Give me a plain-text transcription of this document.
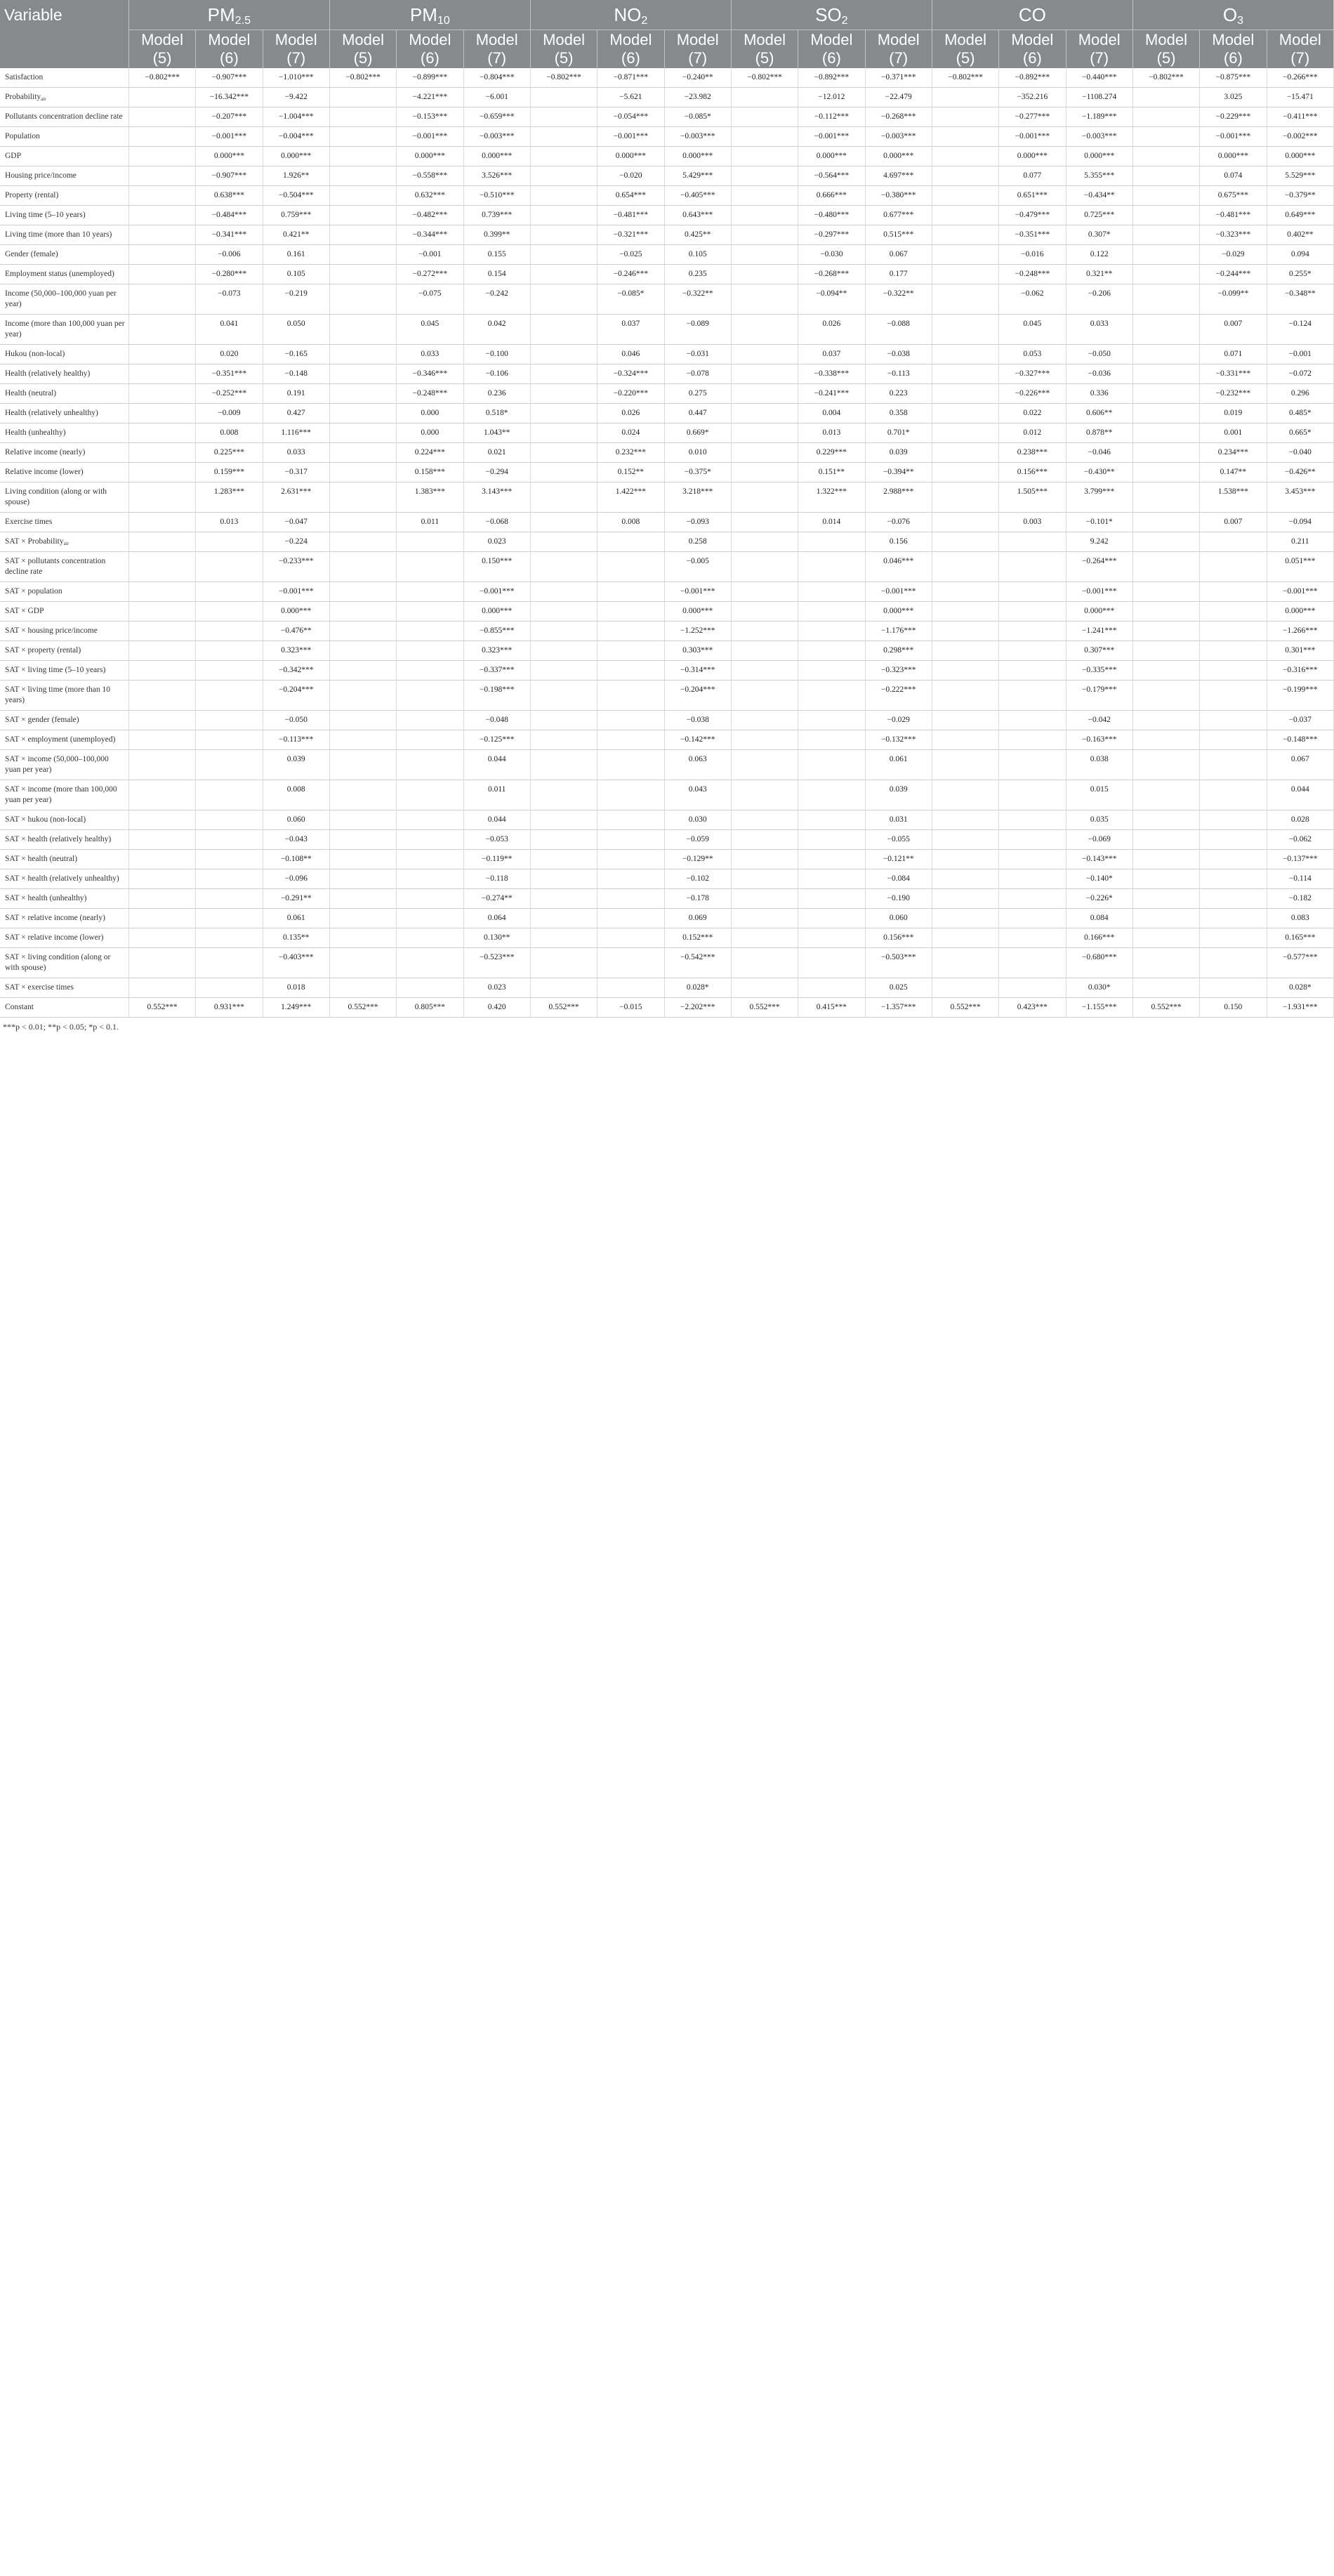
Variable	$PM_{2.5}$			$PM_{10}$			$NO_2$			$SO_2$			CO			$O_3$
	Model (5)	Model (6)	Model (7)	Model (5)	Model (6)	Model (7)	Model (5)	Model (6)	Model (7)	Model (5)	Model (6)	Model (7)	Model (5)	Model (6)	Model (7)	Model (5)	Model (6)	Model (7)
Satisfaction	−0.802***	−0.907***	−1.010***	−0.802***	−0.899***	−0.804***	−0.802***	−0.871***	−0.240**	−0.802***	−0.892***	−0.371***	−0.802***	−0.892***	−0.440***	−0.802***	−0.875***	−0.266***
Probability$_{air}$		−16.342***	−9.422		−4.221***	−6.001		−5.621	−23.982		−12.012	−22.479		−352.216	−1108.274		3.025	−15.471
Pollutants concentration decline rate		−0.207***	−1.004***		−0.153***	−0.659***		−0.054***	−0.085*		−0.112***	−0.268***		−0.277***	−1.189***		−0.229***	−0.411***
Population		−0.001***	−0.004***		−0.001***	−0.003***		−0.001***	−0.003***		−0.001***	−0.003***		−0.001***	−0.003***		−0.001***	−0.002***
GDP		0.000***	0.000***		0.000***	0.000***		0.000***	0.000***		0.000***	0.000***		0.000***	0.000***		0.000***	0.000***
Housing price/income		−0.907***	1.926**		−0.558***	3.526***		−0.020	5.429***		−0.564***	4.697***		0.077	5.355***		0.074	5.529***
Property (rental)		0.638***	−0.504***		0.632***	−0.510***		0.654***	−0.405***		0.666***	−0.380***		0.651***	−0.434**		0.675***	−0.379**
Living time (5–10 years)		−0.484***	0.759***		−0.482***	0.739***		−0.481***	0.643***		−0.480***	0.677***		−0.479***	0.725***		−0.481***	0.649***
Living time (more than 10 years)		−0.341***	0.421**		−0.344***	0.399**		−0.321***	0.425**		−0.297***	0.515***		−0.351***	0.307*		−0.323***	0.402**
Gender (female)		−0.006	0.161		−0.001	0.155		−0.025	0.105		−0.030	0.067		−0.016	0.122		−0.029	0.094
Employment status (unemployed)		−0.280***	0.105		−0.272***	0.154		−0.246***	0.235		−0.268***	0.177		−0.248***	0.321**		−0.244***	0.255*
Income (50,000–100,000 yuan per year)		−0.073	−0.219		−0.075	−0.242		−0.085*	−0.322**		−0.094**	−0.322**		−0.062	−0.206		−0.099**	−0.348**
Income (more than 100,000 yuan per year)		0.041	0.050		0.045	0.042		0.037	−0.089		0.026	−0.088		0.045	0.033		0.007	−0.124
Hukou (non-local)		0.020	−0.165		0.033	−0.100		0.046	−0.031		0.037	−0.038		0.053	−0.050		0.071	−0.001
Health (relatively healthy)		−0.351***	−0.148		−0.346***	−0.106		−0.324***	−0.078		−0.338***	−0.113		−0.327***	−0.036		−0.331***	−0.072
Health (neutral)		−0.252***	0.191		−0.248***	0.236		−0.220***	0.275		−0.241***	0.223		−0.226***	0.336		−0.232***	0.296
Health (relatively unhealthy)		−0.009	0.427		0.000	0.518*		0.026	0.447		0.004	0.358		0.022	0.606**		0.019	0.485*
Health (unhealthy)		0.008	1.116***		0.000	1.043**		0.024	0.669*		0.013	0.701*		0.012	0.878**		0.001	0.665*
Relative income (nearly)		0.225***	0.033		0.224***	0.021		0.232***	0.010		0.229***	0.039		0.238***	−0.046		0.234***	−0.040
Relative income (lower)		0.159***	−0.317		0.158***	−0.294		0.152**	−0.375*		0.151**	−0.394**		0.156***	−0.430**		0.147**	−0.426**
Living condition (along or with spouse)		1.283***	2.631***		1.383***	3.143***		1.422***	3.218***		1.322***	2.988***		1.505***	3.799***		1.538***	3.453***
Exercise times		0.013	−0.047		0.011	−0.068		0.008	−0.093		0.014	−0.076		0.003	−0.101*		0.007	−0.094
SAT × Probability$_{air}$			−0.224			0.023			0.258			0.156			9.242			0.211
SAT × pollutants concentration decline rate			−0.233***			0.150***			−0.005			0.046***			−0.264***			0.051***
SAT × population			−0.001***			−0.001***			−0.001***			−0.001***			−0.001***			−0.001***
SAT × GDP			0.000***			0.000***			0.000***			0.000***			0.000***			0.000***
SAT × housing price/income			−0.476**			−0.855***			−1.252***			−1.176***			−1.241***			−1.266***
SAT × property (rental)			0.323***			0.323***			0.303***			0.298***			0.307***			0.301***
SAT × living time (5–10 years)			−0.342***			−0.337***			−0.314***			−0.323***			−0.335***			−0.316***
SAT × living time (more than 10 years)			−0.204***			−0.198***			−0.204***			−0.222***			−0.179***			−0.199***
SAT × gender (female)			−0.050			−0.048			−0.038			−0.029			−0.042			−0.037
SAT × employment (unemployed)			−0.113***			−0.125***			−0.142***			−0.132***			−0.163***			−0.148***
SAT × income (50,000–100,000 yuan per year)			0.039			0.044			0.063			0.061			0.038			0.067
SAT × income (more than 100,000 yuan per year)			0.008			0.011			0.043			0.039			0.015			0.044
SAT × hukou (non-local)			0.060			0.044			0.030			0.031			0.035			0.028
SAT × health (relatively healthy)			−0.043			−0.053			−0.059			−0.055			−0.069			−0.062
SAT × health (neutral)			−0.108**			−0.119**			−0.129**			−0.121**			−0.143***			−0.137***
SAT × health (relatively unhealthy)			−0.096			−0.118			−0.102			−0.084			−0.140*			−0.114
SAT × health (unhealthy)			−0.291**			−0.274**			−0.178			−0.190			−0.226*			−0.182
SAT × relative income (nearly)			0.061			0.064			0.069			0.060			0.084			0.083
SAT × relative income (lower)			0.135**			0.130**			0.152***			0.156***			0.166***			0.165***
SAT × living condition (along or with spouse)			−0.403***			−0.523***			−0.542***			−0.503***			−0.680***			−0.577***
SAT × exercise times			0.018			0.023			0.028*			0.025			0.030*			0.028*
Constant	0.552***	0.931***	1.249***	0.552***	0.805***	0.420	0.552***	−0.015	−2.202***	0.552***	0.415***	−1.357***	0.552***	0.423***	−1.155***	0.552***	0.150	−1.931***
***p < 0.01; **p < 0.05; *p < 0.1.
